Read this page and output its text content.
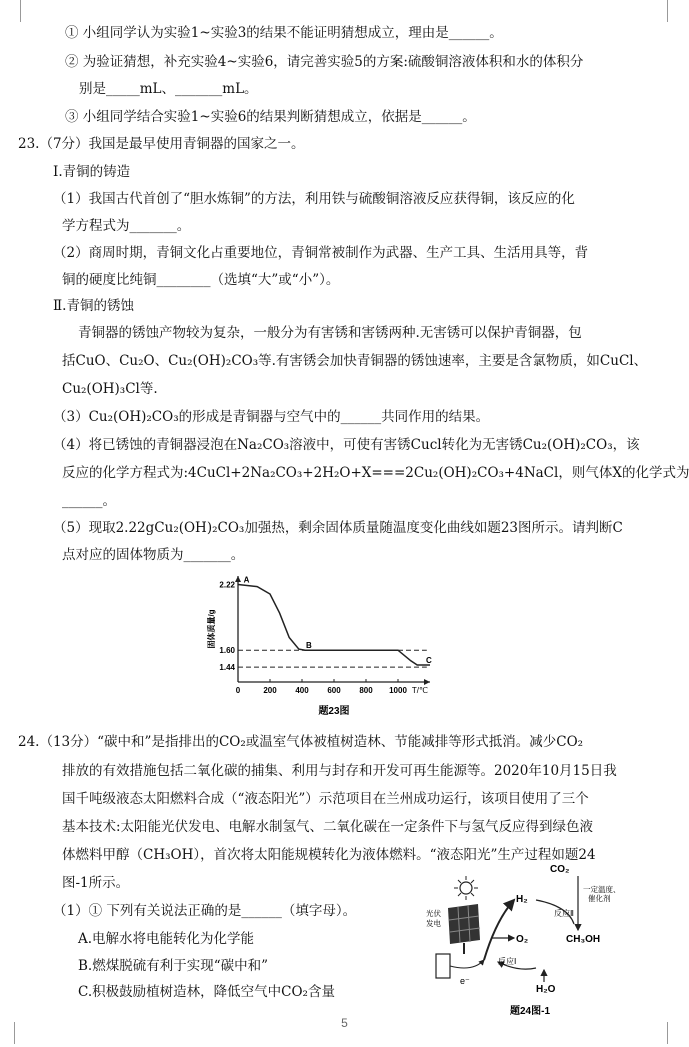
① 小组同学认为实验1~实验3的结果不能证明猜想成立，理由是______。
② 为验证猜想，补充实验4~实验6，请完善实验5的方案:硫酸铜溶液体积和水的体积分
别是_____mL、_______mL。
③ 小组同学结合实验1~实验6的结果判断猜想成立，依据是______。
23.（7分）我国是最早使用青铜器的国家之一。
I.青铜的铸造
（1）我国古代首创了“胆水炼铜”的方法，利用铁与硫酸铜溶液反应获得铜，该反应的化
学方程式为_______。
（2）商周时期，青铜文化占重要地位，青铜常被制作为武器、生产工具、生活用具等，背
铜的硬度比纯铜________（选填“大”或“小”）。
Ⅱ.青铜的锈蚀
青铜器的锈蚀产物较为复杂，一般分为有害锈和害锈两种.无害锈可以保护青铜器，包
括CuO、Cu₂O、Cu₂(OH)₂CO₃等.有害锈会加快青铜器的锈蚀速率，主要是含氯物质，如CuCl、
Cu₂(OH)₃Cl等.
（3）Cu₂(OH)₂CO₃的形成是青铜器与空气中的______共同作用的结果。
（4）将已锈蚀的青铜器浸泡在Na₂CO₃溶液中，可使有害锈Cucl转化为无害锈Cu₂(OH)₂CO₃，该
反应的化学方程式为:4CuCl+2Na₂CO₃+2H₂O+X===2Cu₂(OH)₂CO₃+4NaCl，则气体X的化学式为
______。
（5）现取2.22gCu₂(OH)₂CO₃加强热，剩余固体质量随温度变化曲线如题23图所示。请判断C
点对应的固体物质为_______。
0	200 400 600 800 1000 T/℃
2.22
1.60
1.44
固体质量/g
A
B
C
题23图
24.（13分）“碳中和”是指排出的CO₂或温室气体被植树造林、节能减排等形式抵消。减少CO₂
排放的有效措施包括二氧化碳的捕集、利用与封存和开发可再生能源等。2020年10月15日我
国千吨级液态太阳燃料合成（“液态阳光”）示范项目在兰州成功运行，该项目使用了三个
基本技术:太阳能光伏发电、电解水制氢气、二氧化碳在一定条件下与氢气反应得到绿色液
体燃料甲醇（CH₃OH），首次将太阳能规模转化为液体燃料。“液态阳光”生产过程如题24
图-1所示。
（1）① 下列有关说法正确的是______（填字母）。
A.电解水将电能转化为化学能
B.燃煤脱硫有利于实现“碳中和”
C.积极鼓励植树造林，降低空气中CO₂含量
光伏
发电
e⁻
H₂
O₂
反应Ⅰ
H₂O
CO₂
一定温度、
催化剂
反应Ⅱ
CH₃OH
题24图-1
5
